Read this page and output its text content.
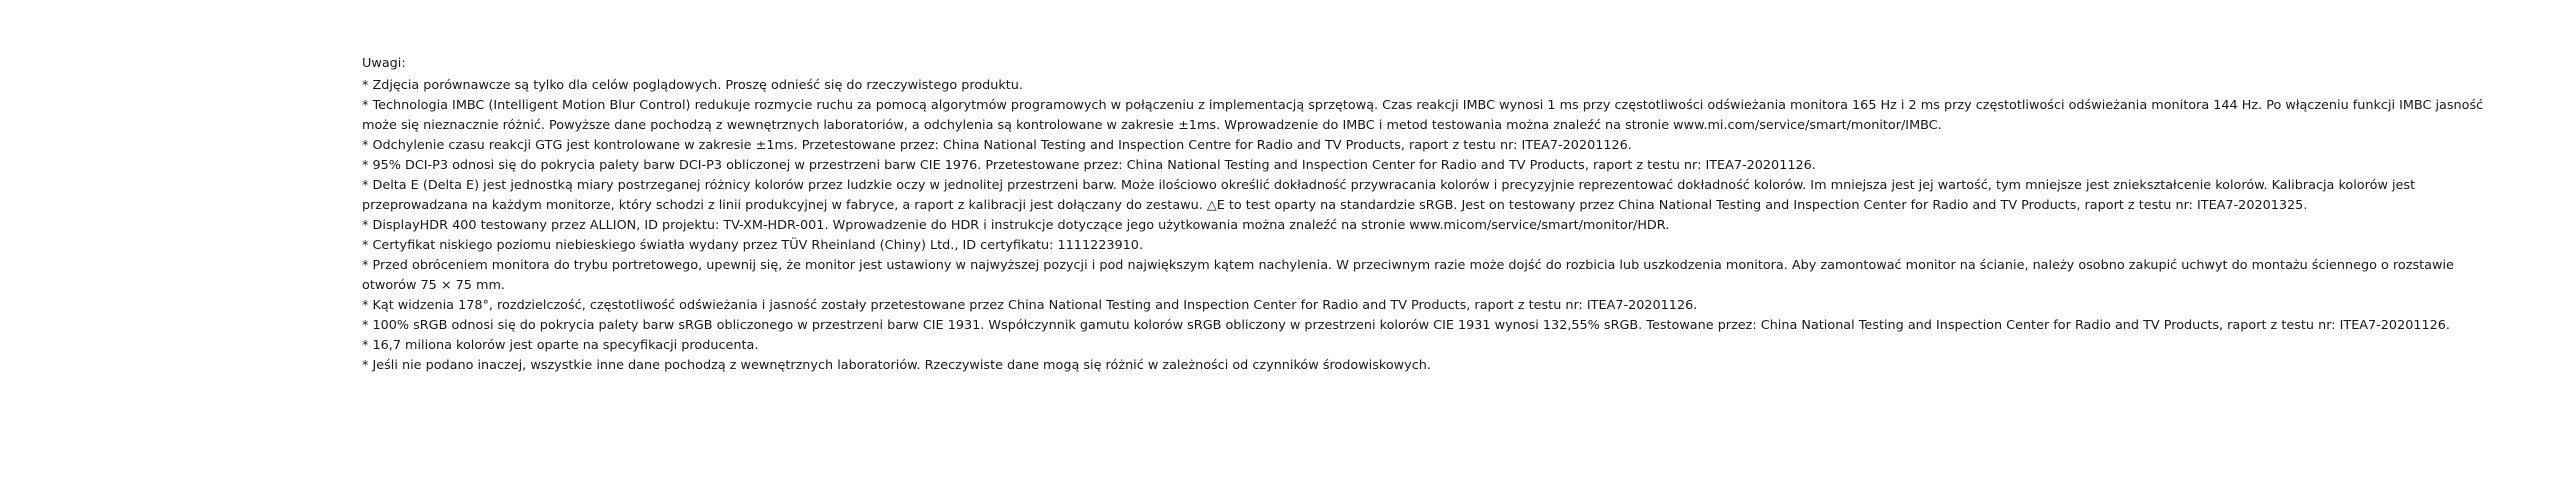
Uwagi:

* Zdjęcia porównawcze są tylko dla celów poglądowych. Proszę odnieść się do rzeczywistego produktu.

* Technologia IMBC (Intelligent Motion Blur Control) redukuje rozmycie ruchu za pomocą algorytmów programowych w połączeniu z implementacją sprzętową. Czas reakcji IMBC wynosi 1 ms przy częstotliwości odświeżania monitora 165 Hz i 2 ms przy częstotliwości odświeżania monitora 144 Hz. Po włączeniu funkcji IMBC jasność może się nieznacznie różnić. Powyższe dane pochodzą z wewnętrznych laboratoriów, a odchylenia są kontrolowane w zakresie ±1ms. Wprowadzenie do IMBC i metod testowania można znaleźć na stronie www.mi.com/service/smart/monitor/IMBC.

* Odchylenie czasu reakcji GTG jest kontrolowane w zakresie ±1ms. Przetestowane przez: China National Testing and Inspection Centre for Radio and TV Products, raport z testu nr: ITEA7-20201126.

* 95% DCI-P3 odnosi się do pokrycia palety barw DCI-P3 obliczonej w przestrzeni barw CIE 1976. Przetestowane przez: China National Testing and Inspection Center for Radio and TV Products, raport z testu nr: ITEA7-20201126.

* Delta E (Delta E) jest jednostką miary postrzeganej różnicy kolorów przez ludzkie oczy w jednolitej przestrzeni barw. Może ilościowo określić dokładność przywracania kolorów i precyzyjnie reprezentować dokładność kolorów. Im mniejsza jest jej wartość, tym mniejsze jest zniekształcenie kolorów. Kalibracja kolorów jest przeprowadzana na każdym monitorze, który schodzi z linii produkcyjnej w fabryce, a raport z kalibracji jest dołączany do zestawu. △E to test oparty na standardzie sRGB. Jest on testowany przez China National Testing and Inspection Center for Radio and TV Products, raport z testu nr: ITEA7-20201325.

* DisplayHDR 400 testowany przez ALLION, ID projektu: TV-XM-HDR-001. Wprowadzenie do HDR i instrukcje dotyczące jego użytkowania można znaleźć na stronie www.micom/service/smart/monitor/HDR.

* Certyfikat niskiego poziomu niebieskiego światła wydany przez TÜV Rheinland (Chiny) Ltd., ID certyfikatu: 1111223910.

* Przed obróceniem monitora do trybu portretowego, upewnij się, że monitor jest ustawiony w najwyższej pozycji i pod największym kątem nachylenia. W przeciwnym razie może dojść do rozbicia lub uszkodzenia monitora. Aby zamontować monitor na ścianie, należy osobno zakupić uchwyt do montażu ściennego o rozstawie otworów 75 × 75 mm.

* Kąt widzenia 178°, rozdzielczość, częstotliwość odświeżania i jasność zostały przetestowane przez China National Testing and Inspection Center for Radio and TV Products, raport z testu nr: ITEA7-20201126.

* 100% sRGB odnosi się do pokrycia palety barw sRGB obliczonego w przestrzeni barw CIE 1931. Współczynnik gamutu kolorów sRGB obliczony w przestrzeni kolorów CIE 1931 wynosi 132,55% sRGB. Testowane przez: China National Testing and Inspection Center for Radio and TV Products, raport z testu nr: ITEA7-20201126.

* 16,7 miliona kolorów jest oparte na specyfikacji producenta.

* Jeśli nie podano inaczej, wszystkie inne dane pochodzą z wewnętrznych laboratoriów. Rzeczywiste dane mogą się różnić w zależności od czynników środowiskowych.
